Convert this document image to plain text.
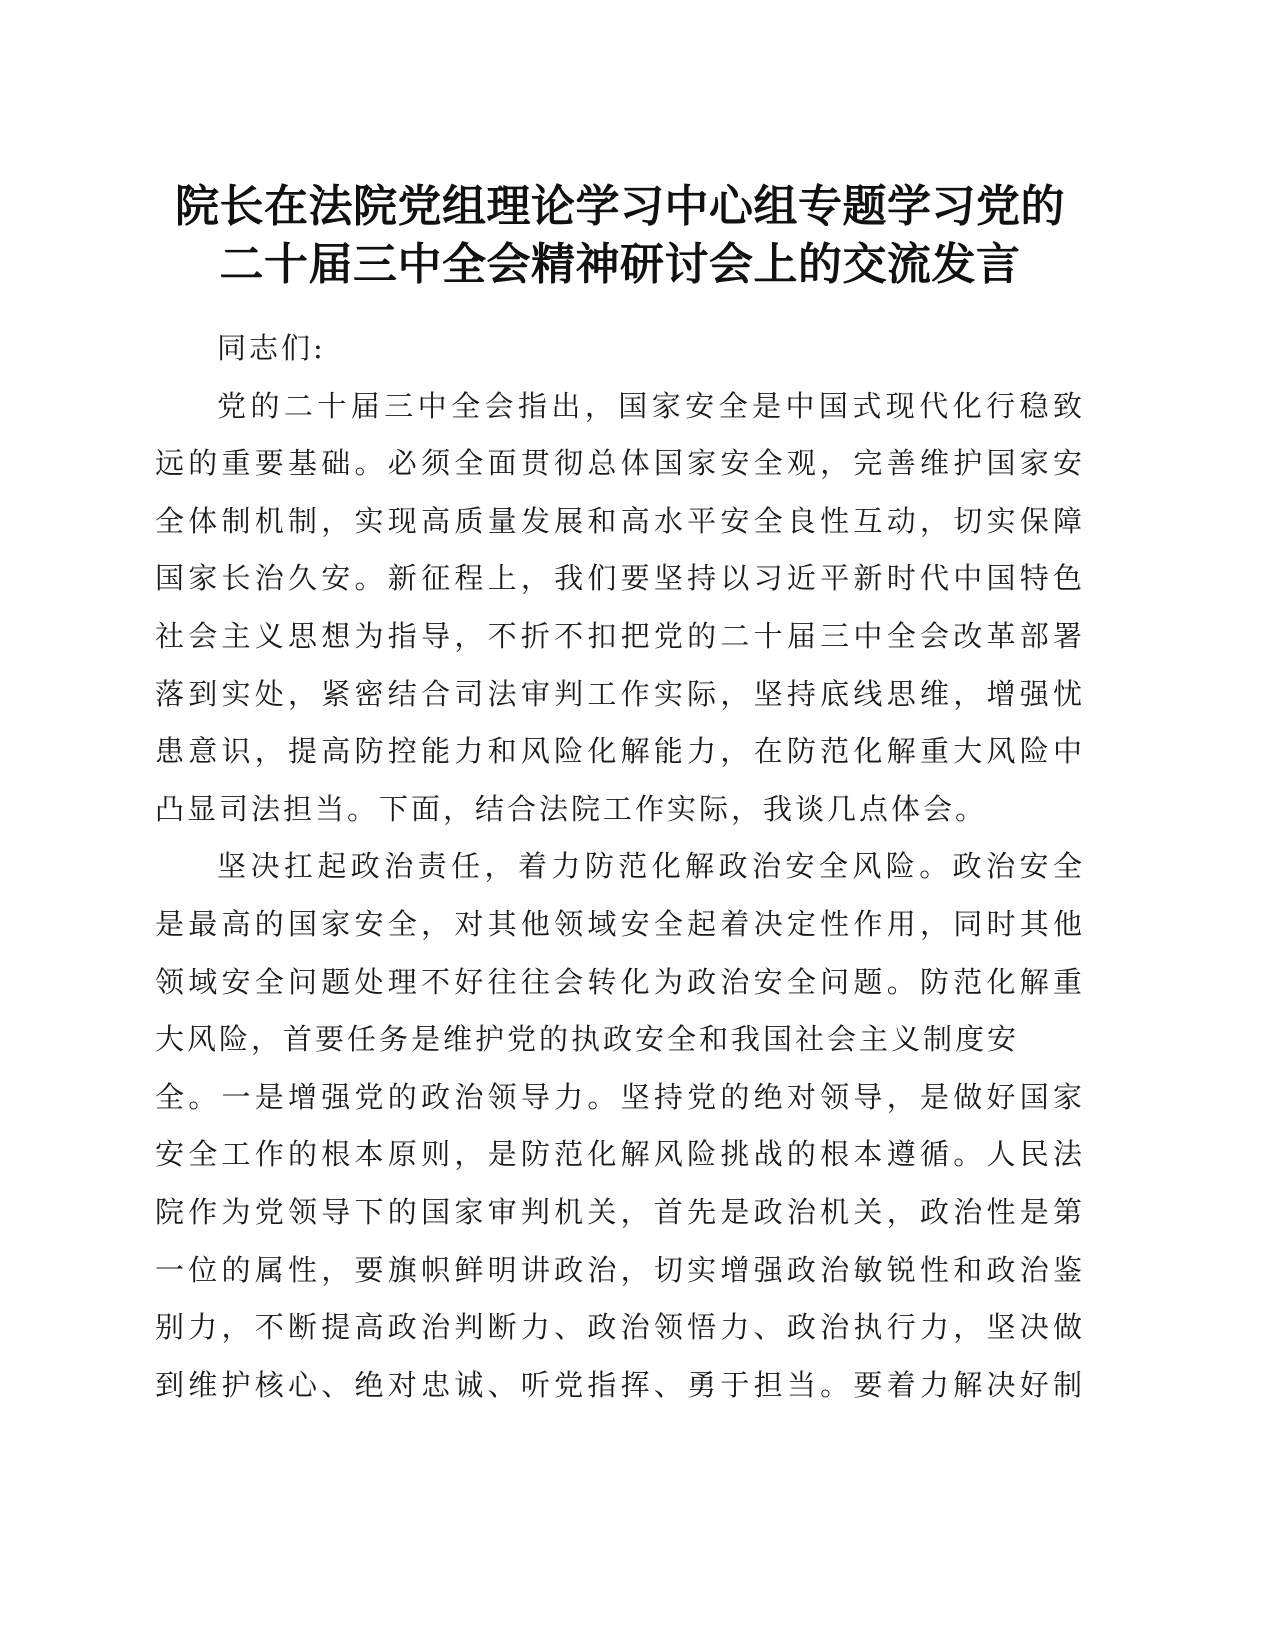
院长在法院党组理论学习中心组专题学习党的
二十届三中全会精神研讨会上的交流发言
同志们:
党的二十届三中全会指出，国家安全是中国式现代化行稳致
远的重要基础。必须全面贯彻总体国家安全观，完善维护国家安
全体制机制，实现高质量发展和高水平安全良性互动，切实保障
国家长治久安。新征程上，我们要坚持以习近平新时代中国特色
社会主义思想为指导，不折不扣把党的二十届三中全会改革部署
落到实处，紧密结合司法审判工作实际，坚持底线思维，增强忧
患意识，提高防控能力和风险化解能力，在防范化解重大风险中
凸显司法担当。下面，结合法院工作实际，我谈几点体会。
坚决扛起政治责任，着力防范化解政治安全风险。政治安全
是最高的国家安全，对其他领域安全起着决定性作用，同时其他
领域安全问题处理不好往往会转化为政治安全问题。防范化解重
大风险，首要任务是维护党的执政安全和我国社会主义制度安
全。一是增强党的政治领导力。坚持党的绝对领导，是做好国家
安全工作的根本原则，是防范化解风险挑战的根本遵循。人民法
院作为党领导下的国家审判机关，首先是政治机关，政治性是第
一位的属性，要旗帜鲜明讲政治，切实增强政治敏锐性和政治鉴
别力，不断提高政治判断力、政治领悟力、政治执行力，坚决做
到维护核心、绝对忠诚、听党指挥、勇于担当。要着力解决好制
